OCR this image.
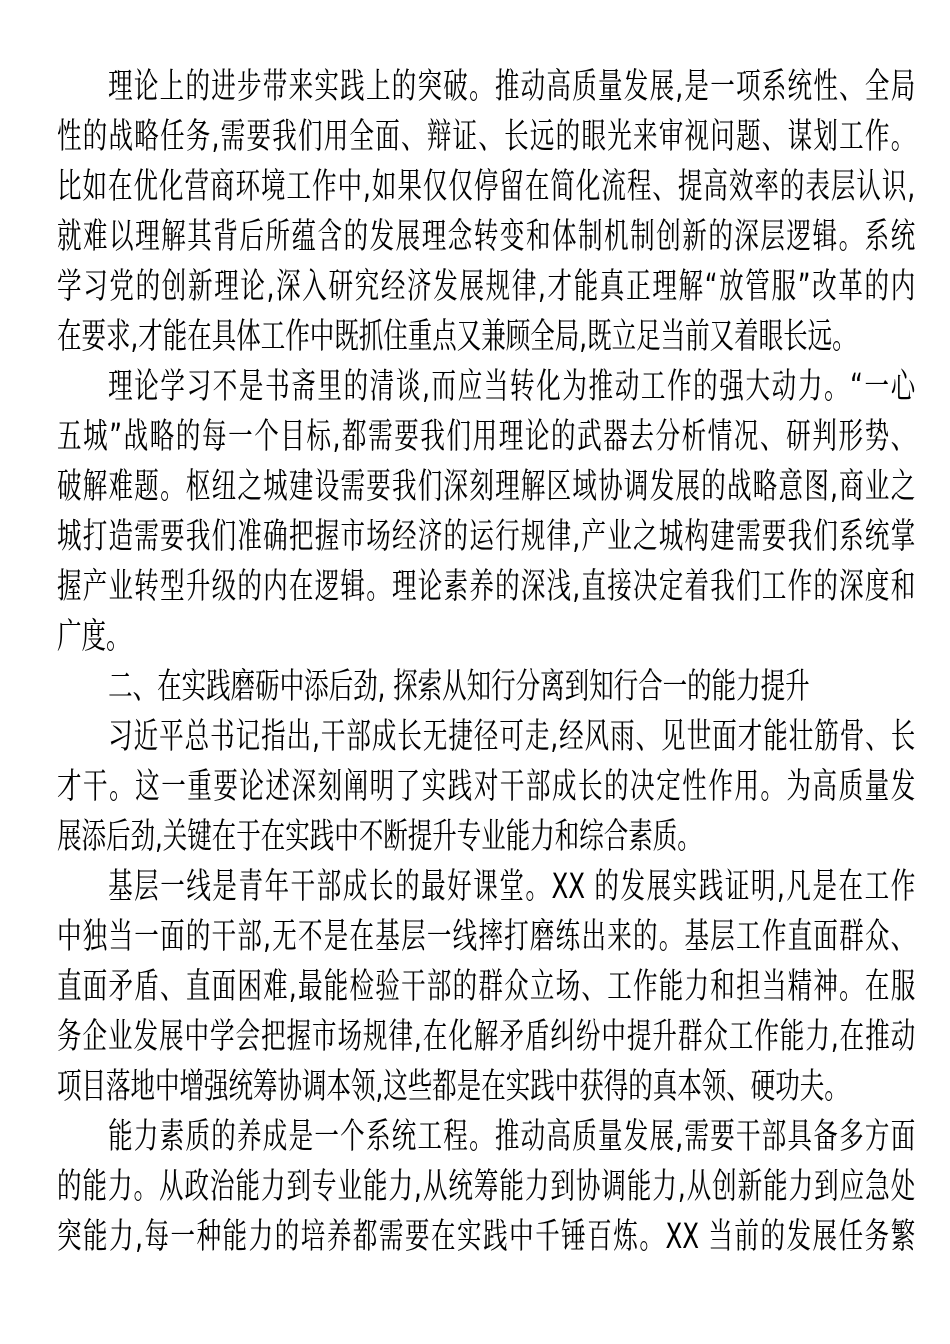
理论上的进步带来实践上的突破。推动高质量发展,是一项系统性、全局
性的战略任务,需要我们用全面、辩证、长远的眼光来审视问题、谋划工作。
比如在优化营商环境工作中,如果仅仅停留在简化流程、提高效率的表层认识,
就难以理解其背后所蕴含的发展理念转变和体制机制创新的深层逻辑。系统
学习党的创新理论,深入研究经济发展规律,才能真正理解“放管服”改革的内
在要求,才能在具体工作中既抓住重点又兼顾全局,既立足当前又着眼长远。
理论学习不是书斋里的清谈,而应当转化为推动工作的强大动力。“一心
五城”战略的每一个目标,都需要我们用理论的武器去分析情况、研判形势、
破解难题。枢纽之城建设需要我们深刻理解区域协调发展的战略意图,商业之
城打造需要我们准确把握市场经济的运行规律,产业之城构建需要我们系统掌
握产业转型升级的内在逻辑。理论素养的深浅,直接决定着我们工作的深度和
广度。
二、在实践磨砺中添后劲, 探索从知行分离到知行合一的能力提升
习近平总书记指出,干部成长无捷径可走,经风雨、见世面才能壮筋骨、长
才干。这一重要论述深刻阐明了实践对干部成长的决定性作用。为高质量发
展添后劲,关键在于在实践中不断提升专业能力和综合素质。
基层一线是青年干部成长的最好课堂。XX 的发展实践证明,凡是在工作
中独当一面的干部,无不是在基层一线摔打磨练出来的。基层工作直面群众、
直面矛盾、直面困难,最能检验干部的群众立场、工作能力和担当精神。在服
务企业发展中学会把握市场规律,在化解矛盾纠纷中提升群众工作能力,在推动
项目落地中增强统筹协调本领,这些都是在实践中获得的真本领、硬功夫。
能力素质的养成是一个系统工程。推动高质量发展,需要干部具备多方面
的能力。从政治能力到专业能力,从统筹能力到协调能力,从创新能力到应急处
突能力,每一种能力的培养都需要在实践中千锤百炼。XX 当前的发展任务繁
